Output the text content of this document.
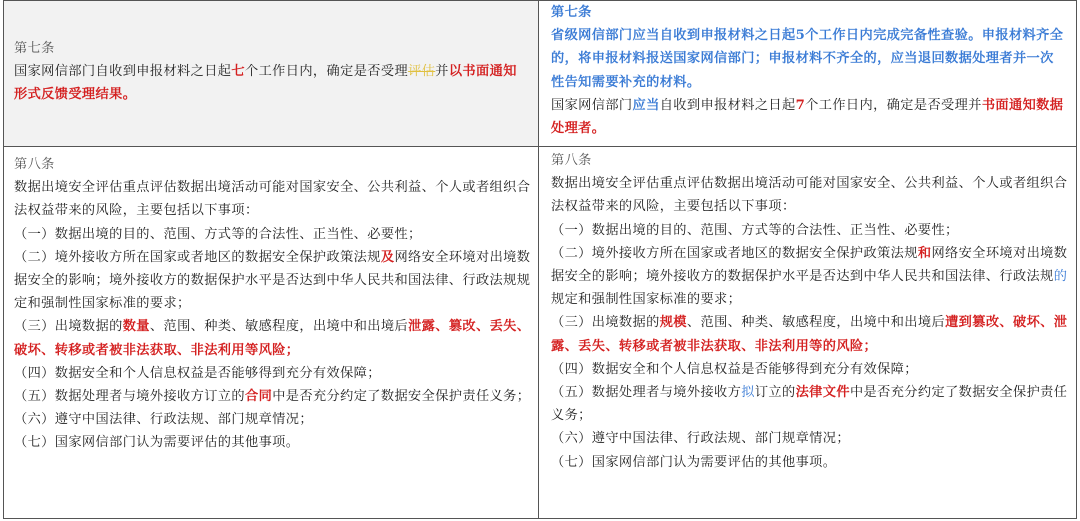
第七条

国家网信部门自收到申报材料之日起七个工作日内，确定是否受理评估并以书面通知形式反馈受理结果。

第七条

省级网信部门应当自收到申报材料之日起5个工作日内完成完备性查验。申报材料齐全的，将申报材料报送国家网信部门；申报材料不齐全的，应当退回数据处理者并一次性告知需要补充的材料。

国家网信部门应当自收到申报材料之日起7个工作日内，确定是否受理并书面通知数据处理者。

第八条

数据出境安全评估重点评估数据出境活动可能对国家安全、公共利益、个人或者组织合法权益带来的风险，主要包括以下事项：

（一）数据出境的目的、范围、方式等的合法性、正当性、必要性；

（二）境外接收方所在国家或者地区的数据安全保护政策法规及网络安全环境对出境数据安全的影响；境外接收方的数据保护水平是否达到中华人民共和国法律、行政法规规定和强制性国家标准的要求；

（三）出境数据的数量、范围、种类、敏感程度，出境中和出境后泄露、篡改、丢失、破坏、转移或者被非法获取、非法利用等风险；

（四）数据安全和个人信息权益是否能够得到充分有效保障；

（五）数据处理者与境外接收方订立的合同中是否充分约定了数据安全保护责任义务；

（六）遵守中国法律、行政法规、部门规章情况；

（七）国家网信部门认为需要评估的其他事项。

第八条

数据出境安全评估重点评估数据出境活动可能对国家安全、公共利益、个人或者组织合法权益带来的风险，主要包括以下事项：

（一）数据出境的目的、范围、方式等的合法性、正当性、必要性；

（二）境外接收方所在国家或者地区的数据安全保护政策法规和网络安全环境对出境数据安全的影响；境外接收方的数据保护水平是否达到中华人民共和国法律、行政法规的规定和强制性国家标准的要求；

（三）出境数据的规模、范围、种类、敏感程度，出境中和出境后遭到篡改、破坏、泄露、丢失、转移或者被非法获取、非法利用等的风险；

（四）数据安全和个人信息权益是否能够得到充分有效保障；

（五）数据处理者与境外接收方拟订立的法律文件中是否充分约定了数据安全保护责任义务；

（六）遵守中国法律、行政法规、部门规章情况；

（七）国家网信部门认为需要评估的其他事项。
